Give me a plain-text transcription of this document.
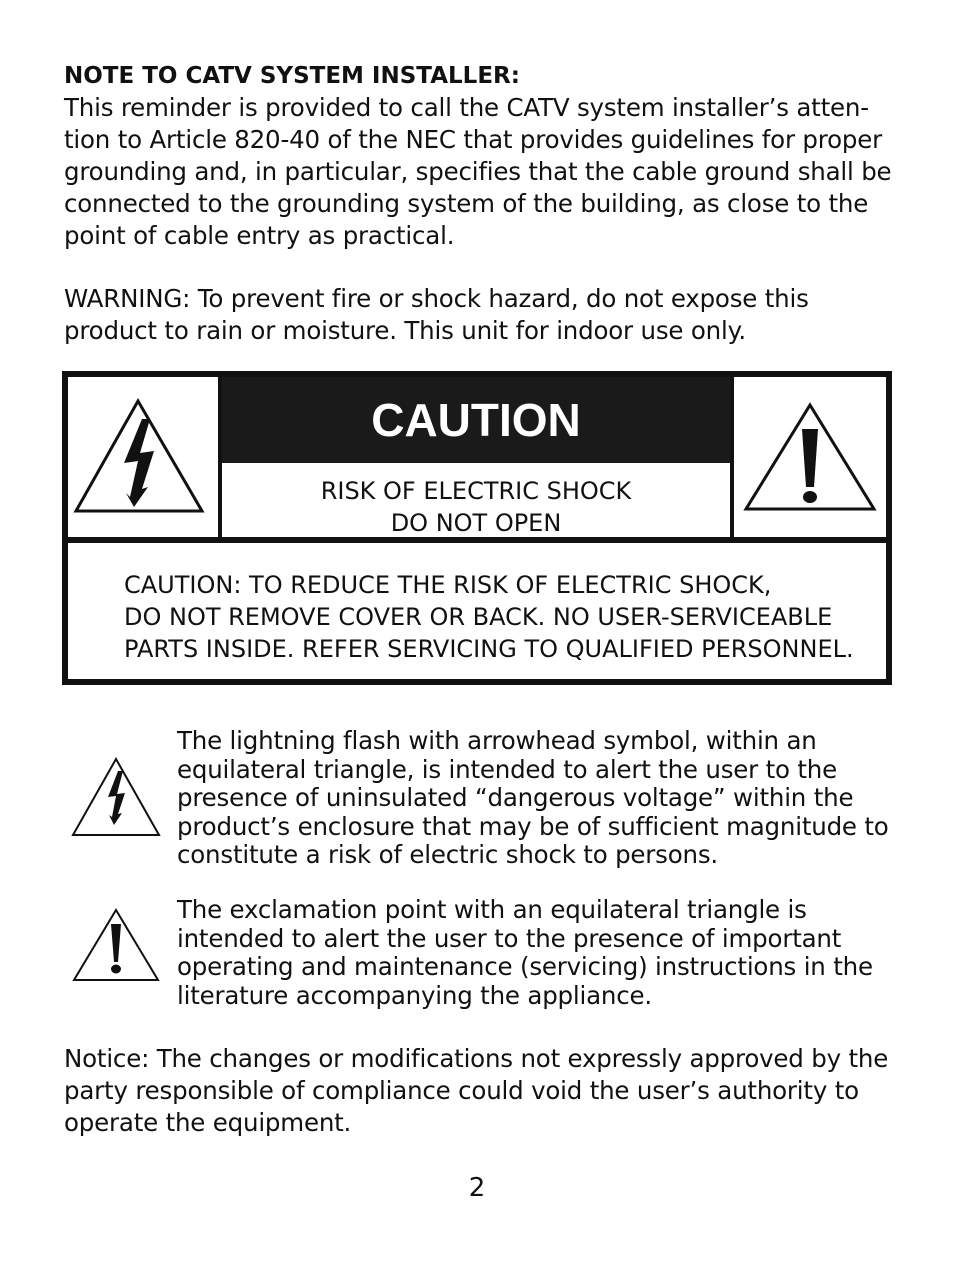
NOTE TO CATV SYSTEM INSTALLER:
This reminder is provided to call the CATV system installer’s atten-tion to Article 820-40 of the NEC that provides guidelines for proper grounding and, in particular, specifies that the cable ground shall be connected to the grounding system of the building, as close to the point of cable entry as practical.
WARNING: To prevent fire or shock hazard, do not expose this product to rain or moisture. This unit for indoor use only.
CAUTION
RISK OF ELECTRIC SHOCK
DO NOT OPEN
CAUTION: TO REDUCE THE RISK OF ELECTRIC SHOCK,
DO NOT REMOVE COVER OR BACK. NO USER-SERVICEABLE
PARTS INSIDE. REFER SERVICING TO QUALIFIED PERSONNEL.
The lightning flash with arrowhead symbol, within an equilateral triangle, is intended to alert the user to the presence of uninsulated “dangerous voltage” within the product’s enclosure that may be of sufficient magnitude to constitute a risk of electric shock to persons.
The exclamation point with an equilateral triangle is intended to alert the user to the presence of important operating and maintenance (servicing) instructions in the literature accompanying the appliance.
Notice: The changes or modifications not expressly approved by the party responsible of compliance could void the user’s authority to operate the equipment.
2
